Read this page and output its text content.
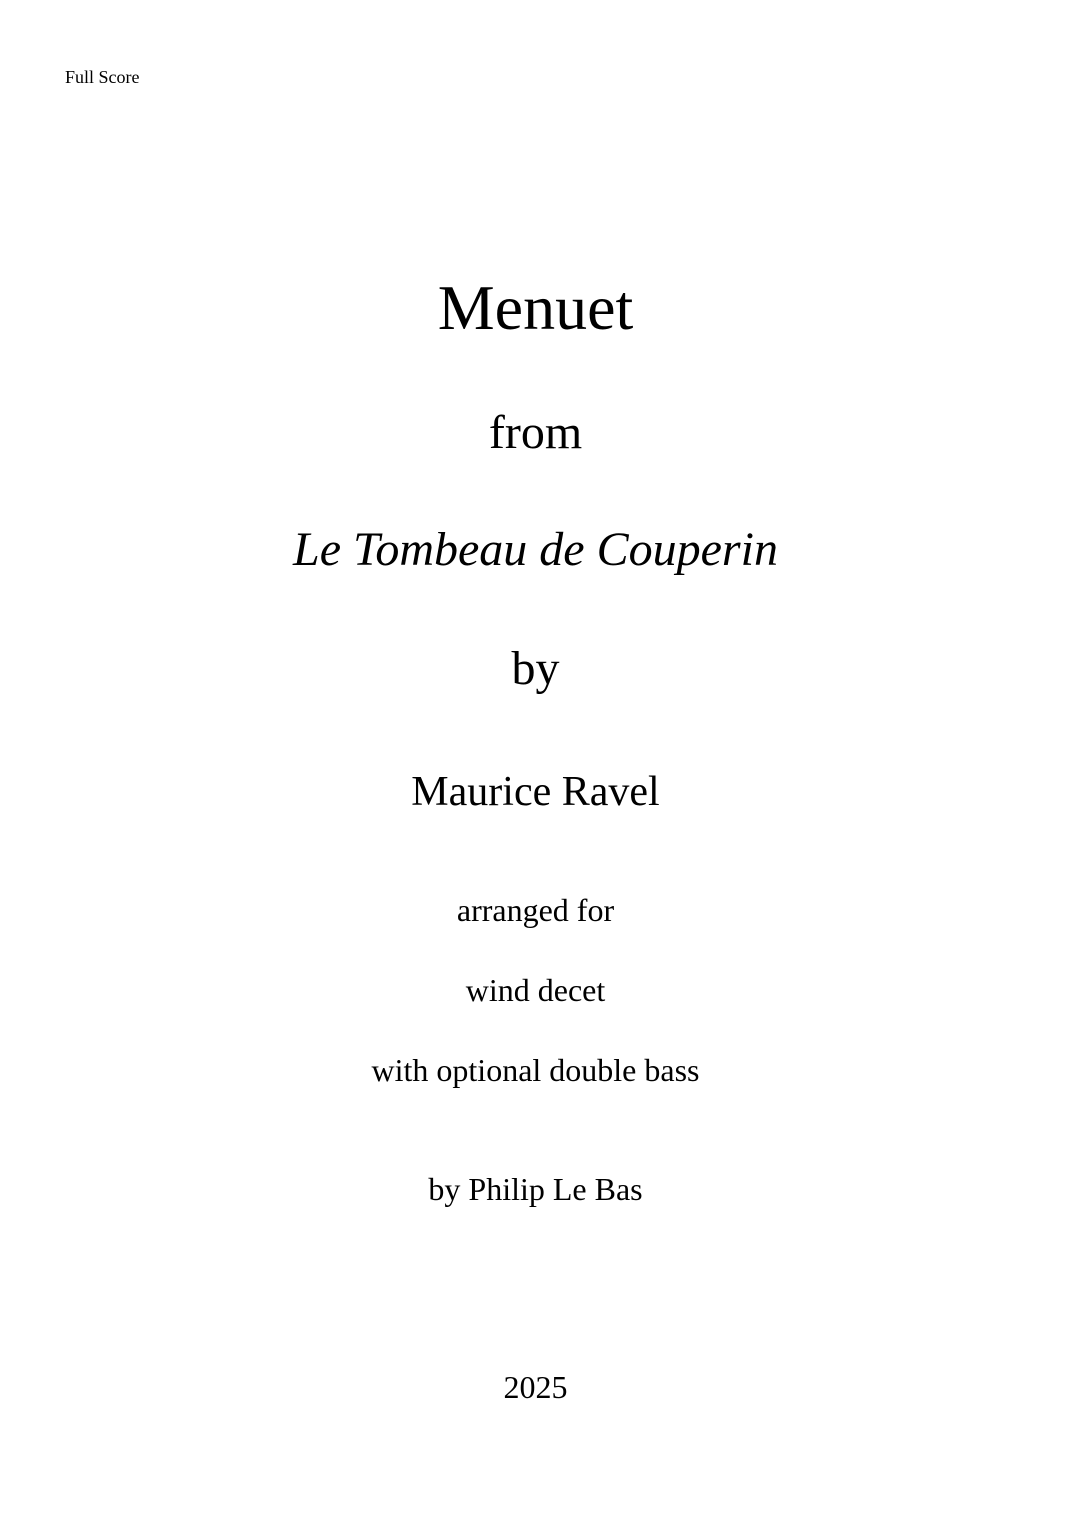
Full Score
Menuet
from
Le Tombeau de Couperin
by
Maurice Ravel
arranged for
wind decet
with optional double bass
by Philip Le Bas
2025
